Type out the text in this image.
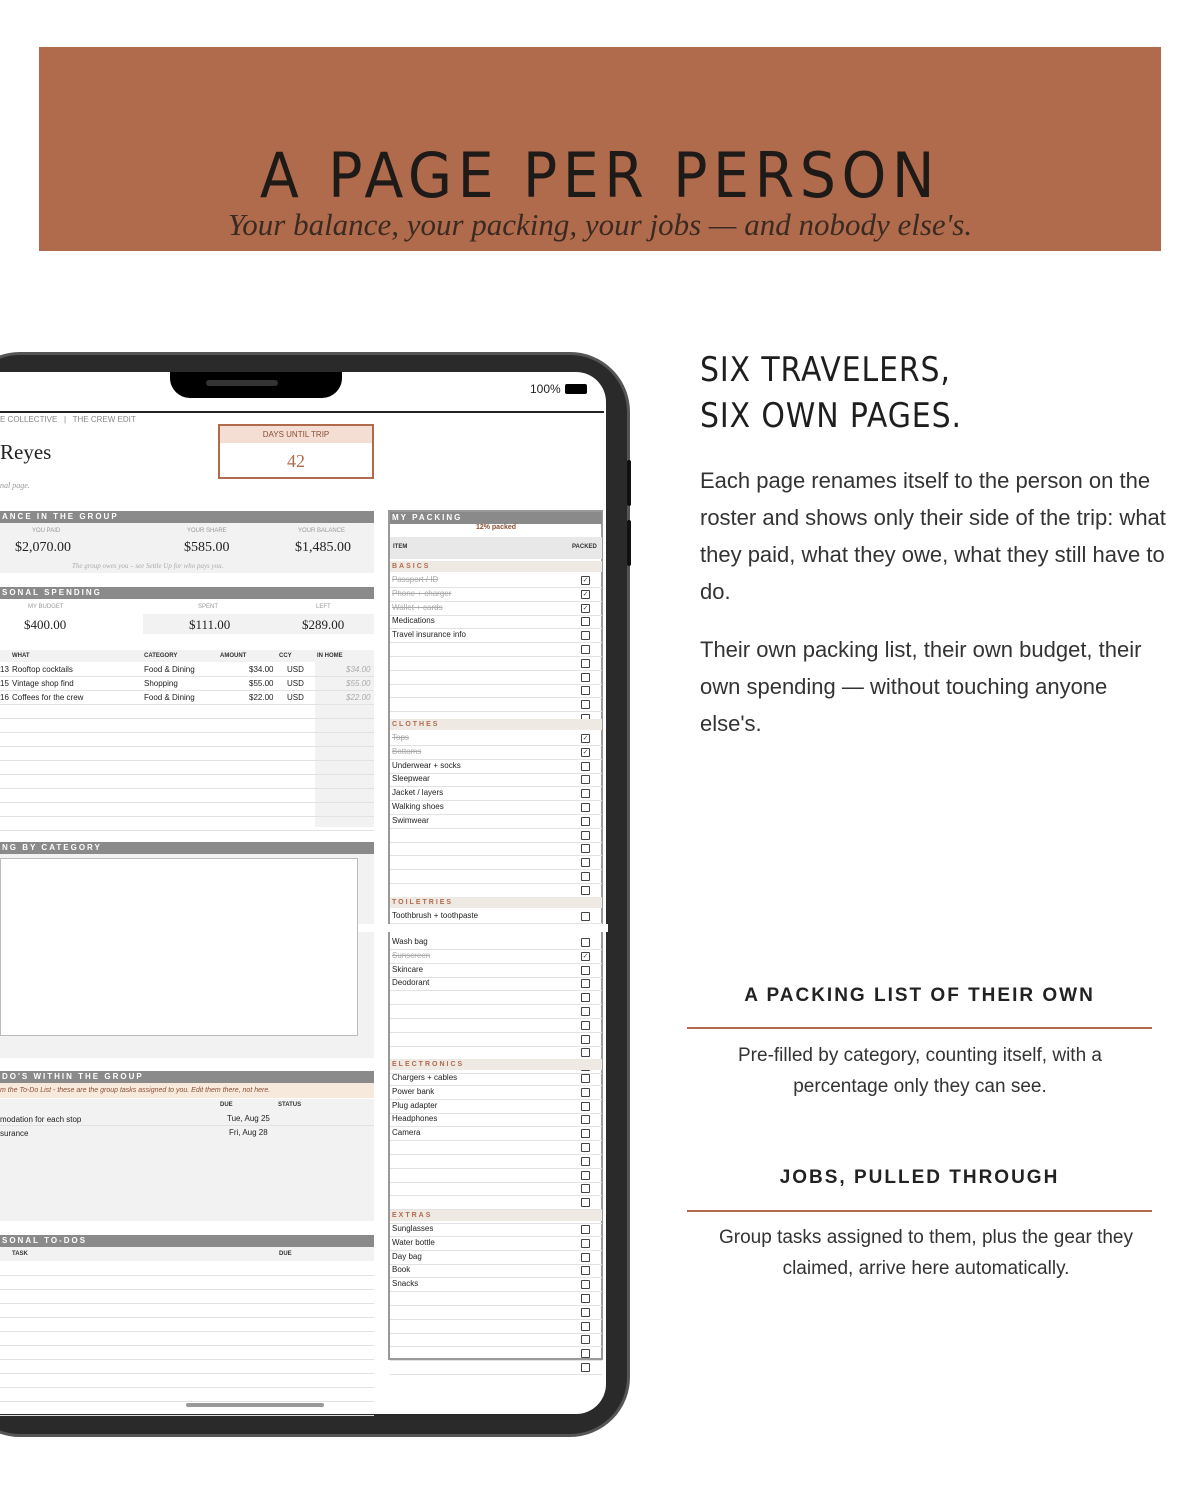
A PAGE PER PERSON

Your balance, your packing, your jobs — and nobody else's.

100%
E COLLECTIVE | THE CREW EDIT
Reyes
nal page.
DAYS UNTIL TRIP
42
ANCE IN THE GROUP
YOU PAID	YOUR SHARE	YOUR BALANCE
$2,070.00	$585.00	$1,485.00
The group owes you – see Settle Up for who pays you.
SONAL SPENDING
MY BUDGET	SPENT	LEFT
$400.00	$111.00	$289.00
WHAT	CATEGORY	AMOUNT	CCY	IN HOME
13 Rooftop cocktails	Food & Dining	$34.00 USD	$34.00
15 Vintage shop find	Shopping	$55.00 USD	$55.00
16 Coffees for the crew	Food & Dining	$22.00 USD	$22.00
NG BY CATEGORY
DO'S WITHIN THE GROUP
m the To-Do List - these are the group tasks assigned to you. Edit them there, not here.
DUE	STATUS
modation for each stop	Tue, Aug 25
surance	Fri, Aug 28
SONAL TO-DOS
TASK	DUE
MY PACKING
12% packed
ITEM	PACKED
BASICS
Passport / ID	✓
Phone + charger	✓
Wallet + cards	✓
Medications
Travel insurance info
CLOTHES
Tops	✓
Bottoms	✓
Underwear + socks
Sleepwear
Jacket / layers
Walking shoes
Swimwear
TOILETRIES
Toothbrush + toothpaste
Wash bag
Sunscreen	✓
Skincare
Deodorant
ELECTRONICS
Chargers + cables
Power bank
Plug adapter
Headphones
Camera
EXTRAS
Sunglasses
Water bottle
Day bag
Book
Snacks
SIX TRAVELERS,
SIX OWN PAGES.
Each page renames itself to the person on the roster and shows only their side of the trip: what they paid, what they owe, what they still have to do.
Their own packing list, their own budget, their own spending — without touching anyone else's.
A PACKING LIST OF THEIR OWN
Pre-filled by category, counting itself, with a percentage only they can see.
JOBS, PULLED THROUGH
Group tasks assigned to them, plus the gear they claimed, arrive here automatically.
